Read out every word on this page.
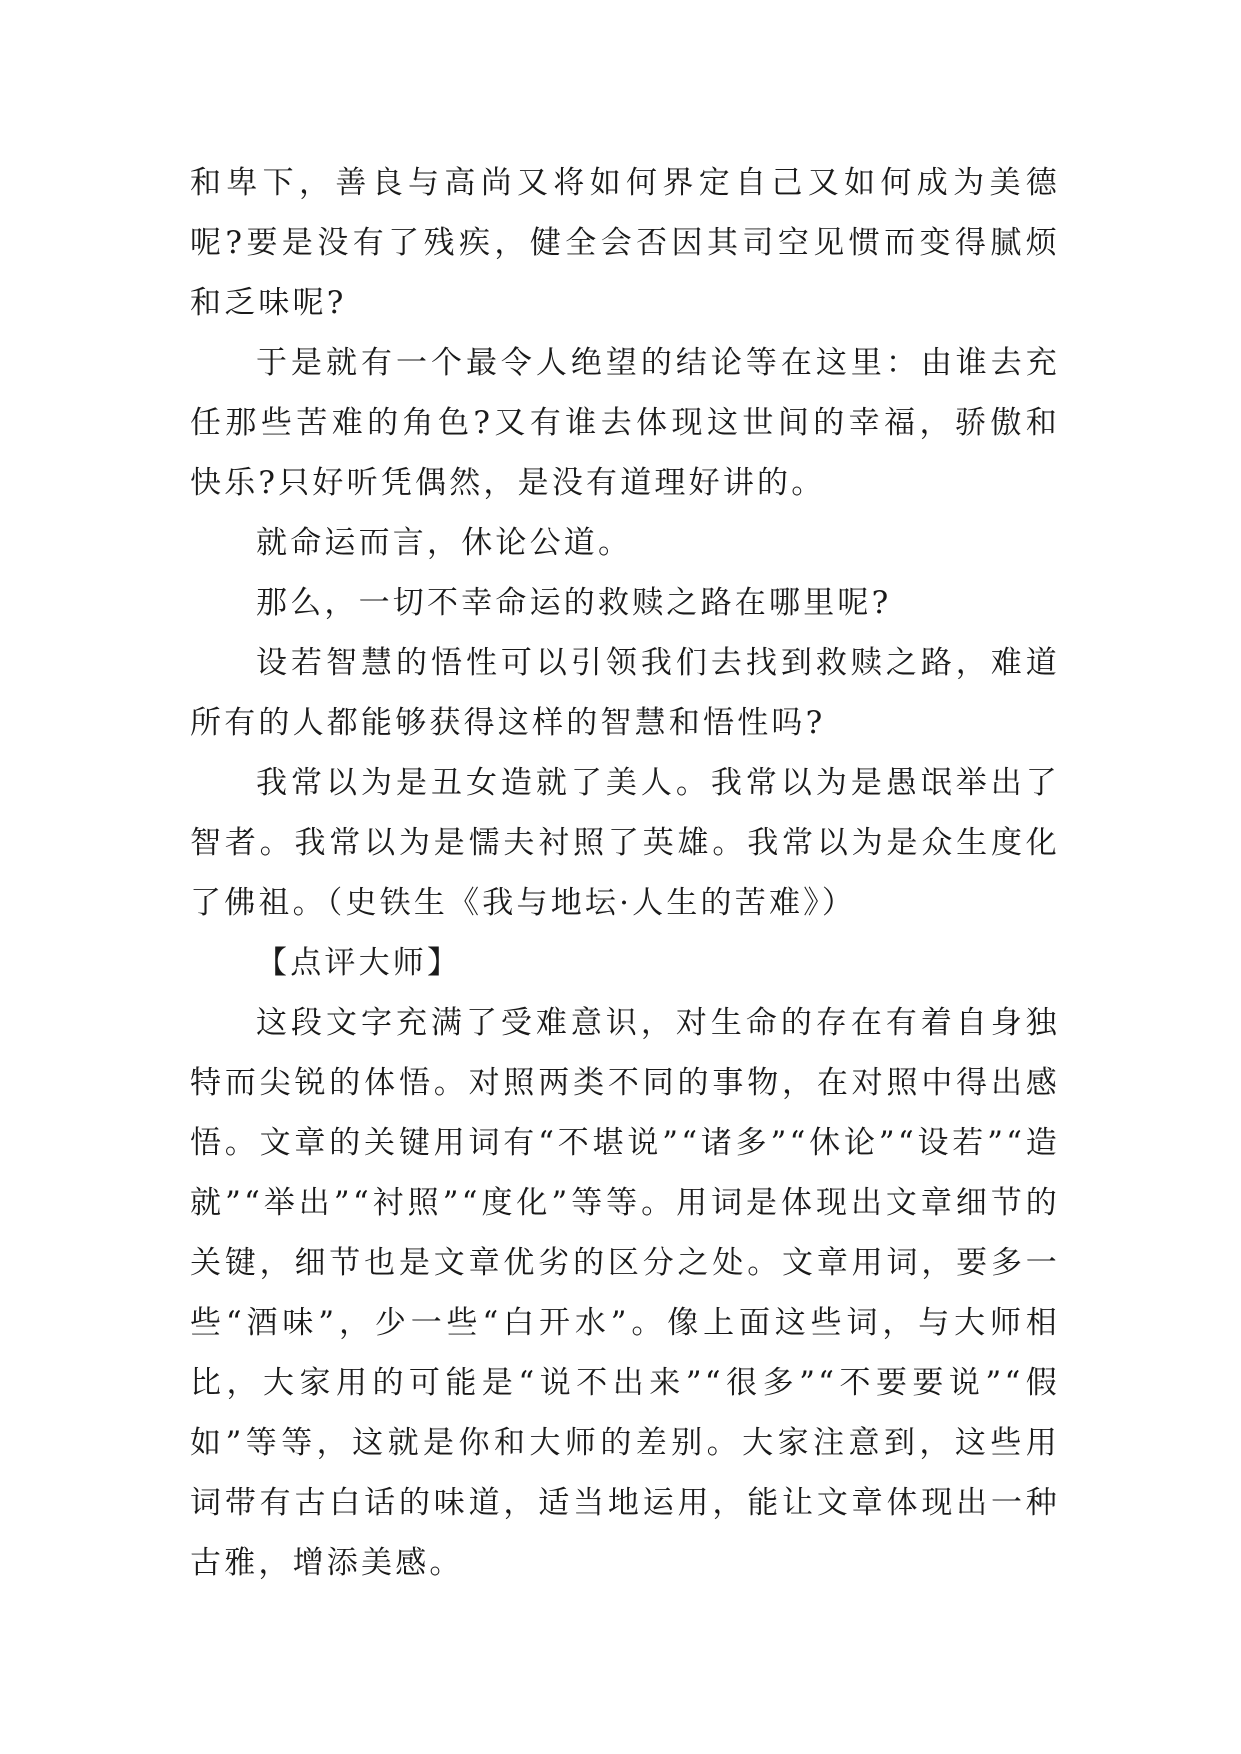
和卑下，善良与高尚又将如何界定自己又如何成为美德呢?要是没有了残疾，健全会否因其司空见惯而变得腻烦和乏味呢?

于是就有一个最令人绝望的结论等在这里：由谁去充任那些苦难的角色?又有谁去体现这世间的幸福，骄傲和快乐?只好听凭偶然，是没有道理好讲的。

就命运而言，休论公道。

那么，一切不幸命运的救赎之路在哪里呢?

设若智慧的悟性可以引领我们去找到救赎之路，难道所有的人都能够获得这样的智慧和悟性吗?

我常以为是丑女造就了美人。我常以为是愚氓举出了智者。我常以为是懦夫衬照了英雄。我常以为是众生度化了佛祖。（史铁生《我与地坛·人生的苦难》）

【点评大师】

这段文字充满了受难意识，对生命的存在有着自身独特而尖锐的体悟。对照两类不同的事物，在对照中得出感悟。文章的关键用词有“不堪说”“诸多”“休论”“设若”“造就”“举出”“衬照”“度化”等等。用词是体现出文章细节的关键，细节也是文章优劣的区分之处。文章用词，要多一些“酒味”，少一些“白开水”。像上面这些词，与大师相比，大家用的可能是“说不出来”“很多”“不要要说”“假如”等等，这就是你和大师的差别。大家注意到，这些用词带有古白话的味道，适当地运用，能让文章体现出一种古雅，增添美感。
